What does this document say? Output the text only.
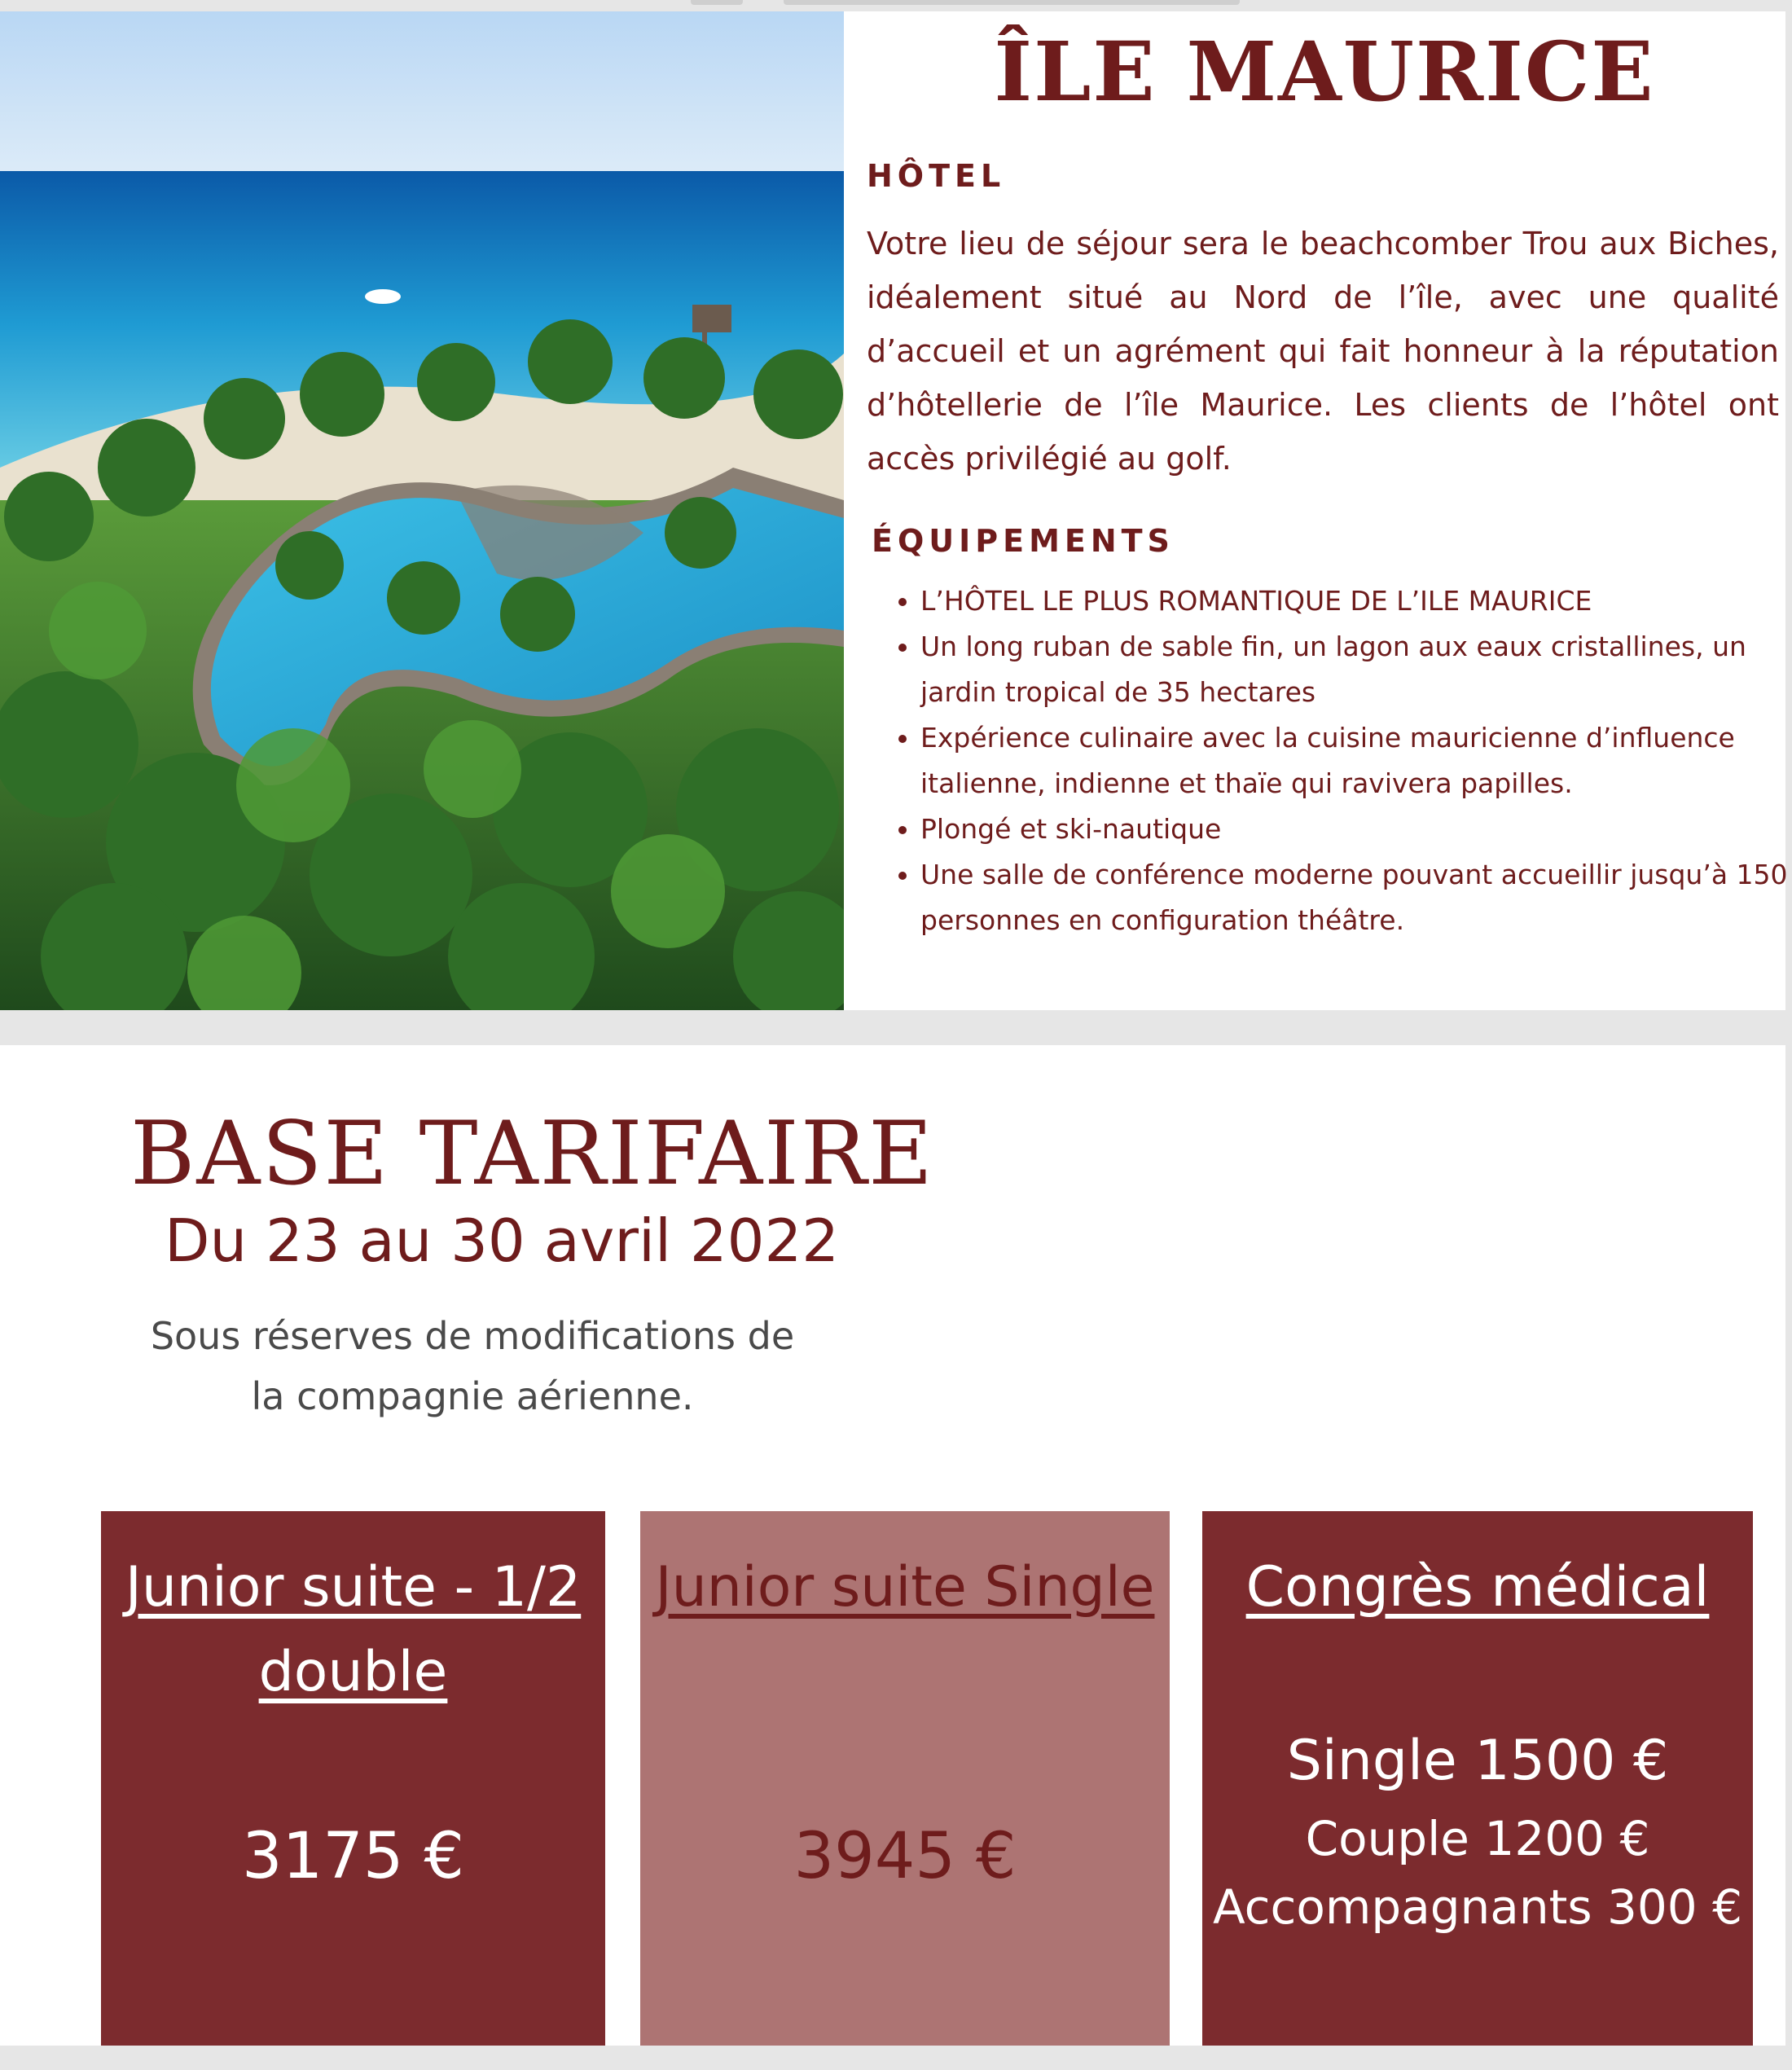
ÎLE MAURICE
HÔTEL

Votre lieu de séjour sera le beachcomber Trou aux Biches, idéalement situé au Nord de l’île, avec une qualité d’accueil et un agrément qui fait honneur à la réputation d’hôtellerie de l’île Maurice. Les clients de l’hôtel ont accès privilégié au golf.

ÉQUIPEMENTS
• L’HÔTEL LE PLUS ROMANTIQUE DE L’ILE MAURICE
• Un long ruban de sable fin, un lagon aux eaux cristallines, un jardin tropical de 35 hectares
• Expérience culinaire avec la cuisine mauricienne d’influence italienne, indienne et thaïe qui ravivera papilles.
• Plongé et ski-nautique
• Une salle de conférence moderne pouvant accueillir jusqu’à 150 personnes en configuration théâtre.
BASE TARIFAIRE

Du 23 au 30 avril 2022

Sous réserves de modifications de la compagnie aérienne.

Junior suite - 1/2 double

3175 €

Junior suite Single

3945 €

Congrès médical

Single 1500 €

Couple 1200 €

Accompagnants 300 €
